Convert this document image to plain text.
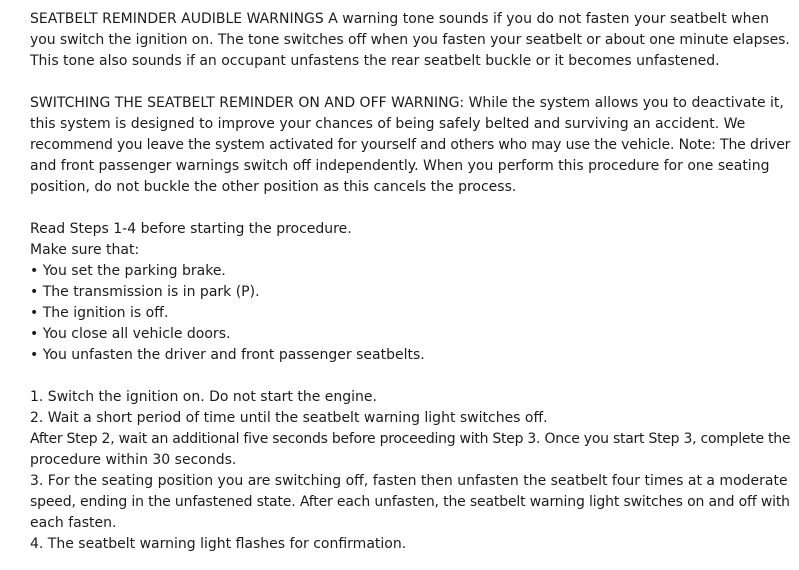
SEATBELT REMINDER AUDIBLE WARNINGS A warning tone sounds if you do not fasten your seatbelt when
you switch the ignition on. The tone switches off when you fasten your seatbelt or about one minute elapses.
This tone also sounds if an occupant unfastens the rear seatbelt buckle or it becomes unfastened.
SWITCHING THE SEATBELT REMINDER ON AND OFF WARNING: While the system allows you to deactivate it,
this system is designed to improve your chances of being safely belted and surviving an accident. We
recommend you leave the system activated for yourself and others who may use the vehicle. Note: The driver
and front passenger warnings switch off independently. When you perform this procedure for one seating
position, do not buckle the other position as this cancels the process.
Read Steps 1-4 before starting the procedure.
Make sure that:
• You set the parking brake.
• The transmission is in park (P).
• The ignition is off.
• You close all vehicle doors.
• You unfasten the driver and front passenger seatbelts.
1. Switch the ignition on. Do not start the engine.
2. Wait a short period of time until the seatbelt warning light switches off.
After Step 2, wait an additional five seconds before proceeding with Step 3. Once you start Step 3, complete the
procedure within 30 seconds.
3. For the seating position you are switching off, fasten then unfasten the seatbelt four times at a moderate
speed, ending in the unfastened state. After each unfasten, the seatbelt warning light switches on and off with
each fasten.
4. The seatbelt warning light flashes for confirmation.
